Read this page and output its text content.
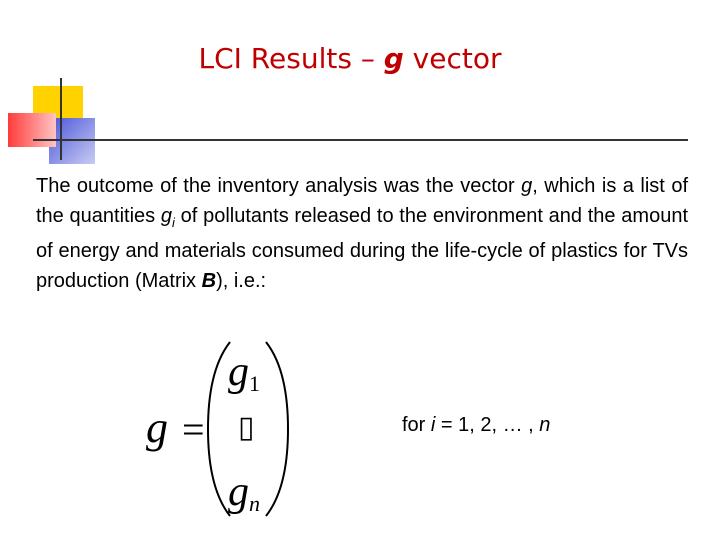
LCI Results – g vector

The outcome of the inventory analysis was the vector g, which is a list of the quantities $g_i$ of pollutants released to the environment and the amount of energy and materials consumed during the life-cycle of plastics for TVs production (Matrix B), i.e.:

g =
$g_1$
▯
$g_n$
for i = 1, 2, … , n
